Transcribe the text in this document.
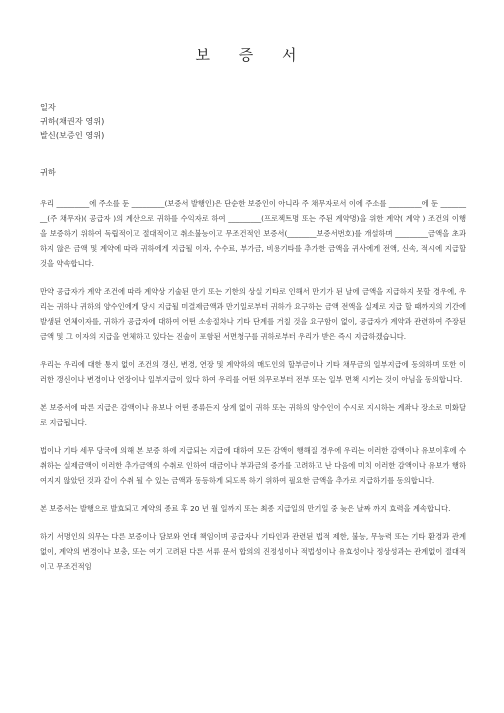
보 증 서
일자
귀하(채권자 영위)
발신(보증인 영위)
귀하

우리 _________에 주소를 둔 _________(보증서 발행인)은 단순한 보증인이 아니라 주 채무자로서 이에 주소를 _________에 둔 _________(주 채무자)( 공급자 )의 계산으로 귀하를 수익자로 하여 _________(프로젝트명 또는 주된 계약명)을 위한 계약( 계약 ) 조건의 이행을 보증하기 위하여 독립적이고 절대적이고 취소불능이고 무조건적인 보증서(________보증서번호)를 개설하며 _________금액을 초과하지 않은 금액 및 계약에 따라 귀하에게 지급될 이자, 수수료, 부가금, 비용기타를 추가한 금액을 귀사에게 전액, 신속, 적시에 지급할 것을 약속합니다.

만약 공급자가 계약 조건에 따라 계약상 기술된 만기 또는 기한의 상실 기타로 인해서 만기가 된 날에 금액을 지급하지 못할 경우에, 우리는 귀하나 귀하의 양수인에게 당시 지급될 미결제금액과 만기일로부터 귀하가 요구하는 금액 전액을 실제로 지급 할 때까지의 기간에 발생된 연체이자를, 귀하가 공급자에 대하여 어떤 소송절차나 기타 단계를 거칠 것을 요구함이 없이, 공급자가 계약과 관련하여 주장된 금액 및 그 이자의 지급을 연체하고 있다는 진술이 포함된 서면청구를 귀하로부터 우리가 받은 즉시 지급하겠습니다.

우리는 우리에 대한 통지 없이 조건의 갱신, 변경, 연장 및 계약하의 매도인의 할부금이나 기타 채무금의 일부지급에 동의하며 또한 이러한 갱신이나 변경이나 연장이나 일부지급이 있다 하여 우리를 어떤 의무로부터 전부 또는 일부 면책 시키는 것이 아님을 동의합니다.

본 보증서에 따른 지급은 감액이나 유보나 어떤 종류든지 상계 없이 귀하 또는 귀하의 양수인이 수시로 지시하는 계좌나 장소로 미화달로 지급됩니다.

법이나 기타 세무 당국에 의해 본 보증 하에 지급되는 지급에 대하여 모든 감액이 행해질 경우에 우리는 이러한 감액이나 유보이후에 수취하는 실제금액이 이러한 추가금액의 수취로 인하여 대금이나 부과금의 증가를 고려하고 난 다음에 미치 이러한 감액이나 유보가 행하여지지 않았던 것과 같이 수취 될 수 있는 금액과 동등하게 되도록 하기 위하여 필요한 금액을 추가로 지급하기를 동의합니다.

본 보증서는 발행으로 발효되고 계약의 종료 후 20 년 월 일까지 또는 최종 지급일의 만기일 중 늦은 날짜 까지 효력을 계속합니다.

하기 서명인의 의무는 다른 보증이나 담보와 연대 책임이며 공급자나 기타인과 관련된 법적 제한, 불능, 무능력 또는 기타 환경과 관계없이, 계약의 변경이나 보충, 또는 여기 고려된 다른 서류 문서 합의의 진정성이나 적법성이나 유효성이나 정상성과는 관계없이 절대적이고 무조건적임
